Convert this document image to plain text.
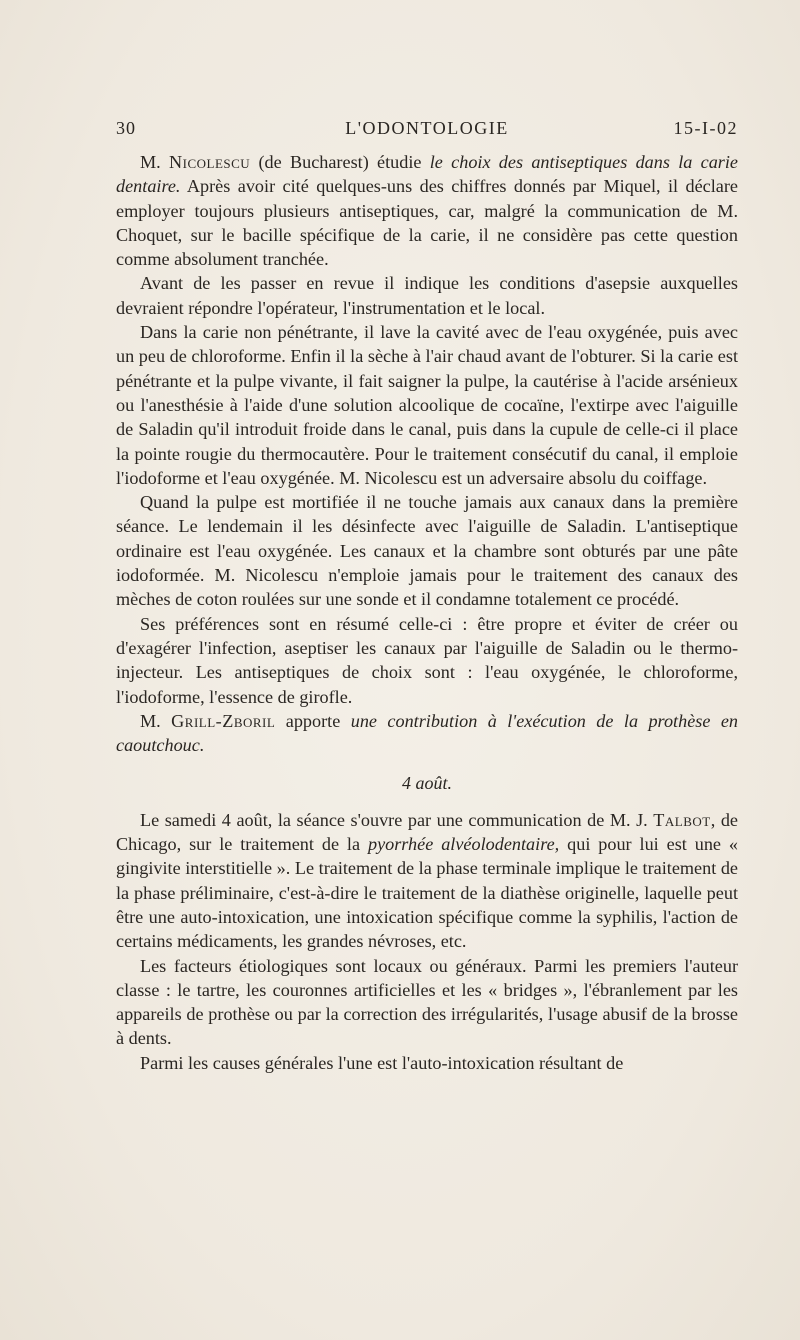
30	L'ODONTOLOGIE	15-I-02

M. Nicolescu (de Bucharest) étudie le choix des antiseptiques dans la carie dentaire. Après avoir cité quelques-uns des chiffres donnés par Miquel, il déclare employer toujours plusieurs antiseptiques, car, malgré la communication de M. Choquet, sur le bacille spécifique de la carie, il ne considère pas cette question comme absolument tranchée.

Avant de les passer en revue il indique les conditions d'asepsie auxquelles devraient répondre l'opérateur, l'instrumentation et le local.

Dans la carie non pénétrante, il lave la cavité avec de l'eau oxygénée, puis avec un peu de chloroforme. Enfin il la sèche à l'air chaud avant de l'obturer. Si la carie est pénétrante et la pulpe vivante, il fait saigner la pulpe, la cautérise à l'acide arsénieux ou l'anesthésie à l'aide d'une solution alcoolique de cocaïne, l'extirpe avec l'aiguille de Saladin qu'il introduit froide dans le canal, puis dans la cupule de celle-ci il place la pointe rougie du thermocautère. Pour le traitement consécutif du canal, il emploie l'iodoforme et l'eau oxygénée. M. Nicolescu est un adversaire absolu du coiffage.

Quand la pulpe est mortifiée il ne touche jamais aux canaux dans la première séance. Le lendemain il les désinfecte avec l'aiguille de Saladin. L'antiseptique ordinaire est l'eau oxygénée. Les canaux et la chambre sont obturés par une pâte iodoformée. M. Nicolescu n'emploie jamais pour le traitement des canaux des mèches de coton roulées sur une sonde et il condamne totalement ce procédé.

Ses préférences sont en résumé celle-ci : être propre et éviter de créer ou d'exagérer l'infection, aseptiser les canaux par l'aiguille de Saladin ou le thermo-injecteur. Les antiseptiques de choix sont : l'eau oxygénée, le chloroforme, l'iodoforme, l'essence de girofle.

M. Grill-Zboril apporte une contribution à l'exécution de la prothèse en caoutchouc.

4 août.

Le samedi 4 août, la séance s'ouvre par une communication de M. J. Talbot, de Chicago, sur le traitement de la pyorrhée alvéolodentaire, qui pour lui est une « gingivite interstitielle ». Le traitement de la phase terminale implique le traitement de la phase préliminaire, c'est-à-dire le traitement de la diathèse originelle, laquelle peut être une auto-intoxication, une intoxication spécifique comme la syphilis, l'action de certains médicaments, les grandes névroses, etc.

Les facteurs étiologiques sont locaux ou généraux. Parmi les premiers l'auteur classe : le tartre, les couronnes artificielles et les « bridges », l'ébranlement par les appareils de prothèse ou par la correction des irrégularités, l'usage abusif de la brosse à dents.

Parmi les causes générales l'une est l'auto-intoxication résultant de
